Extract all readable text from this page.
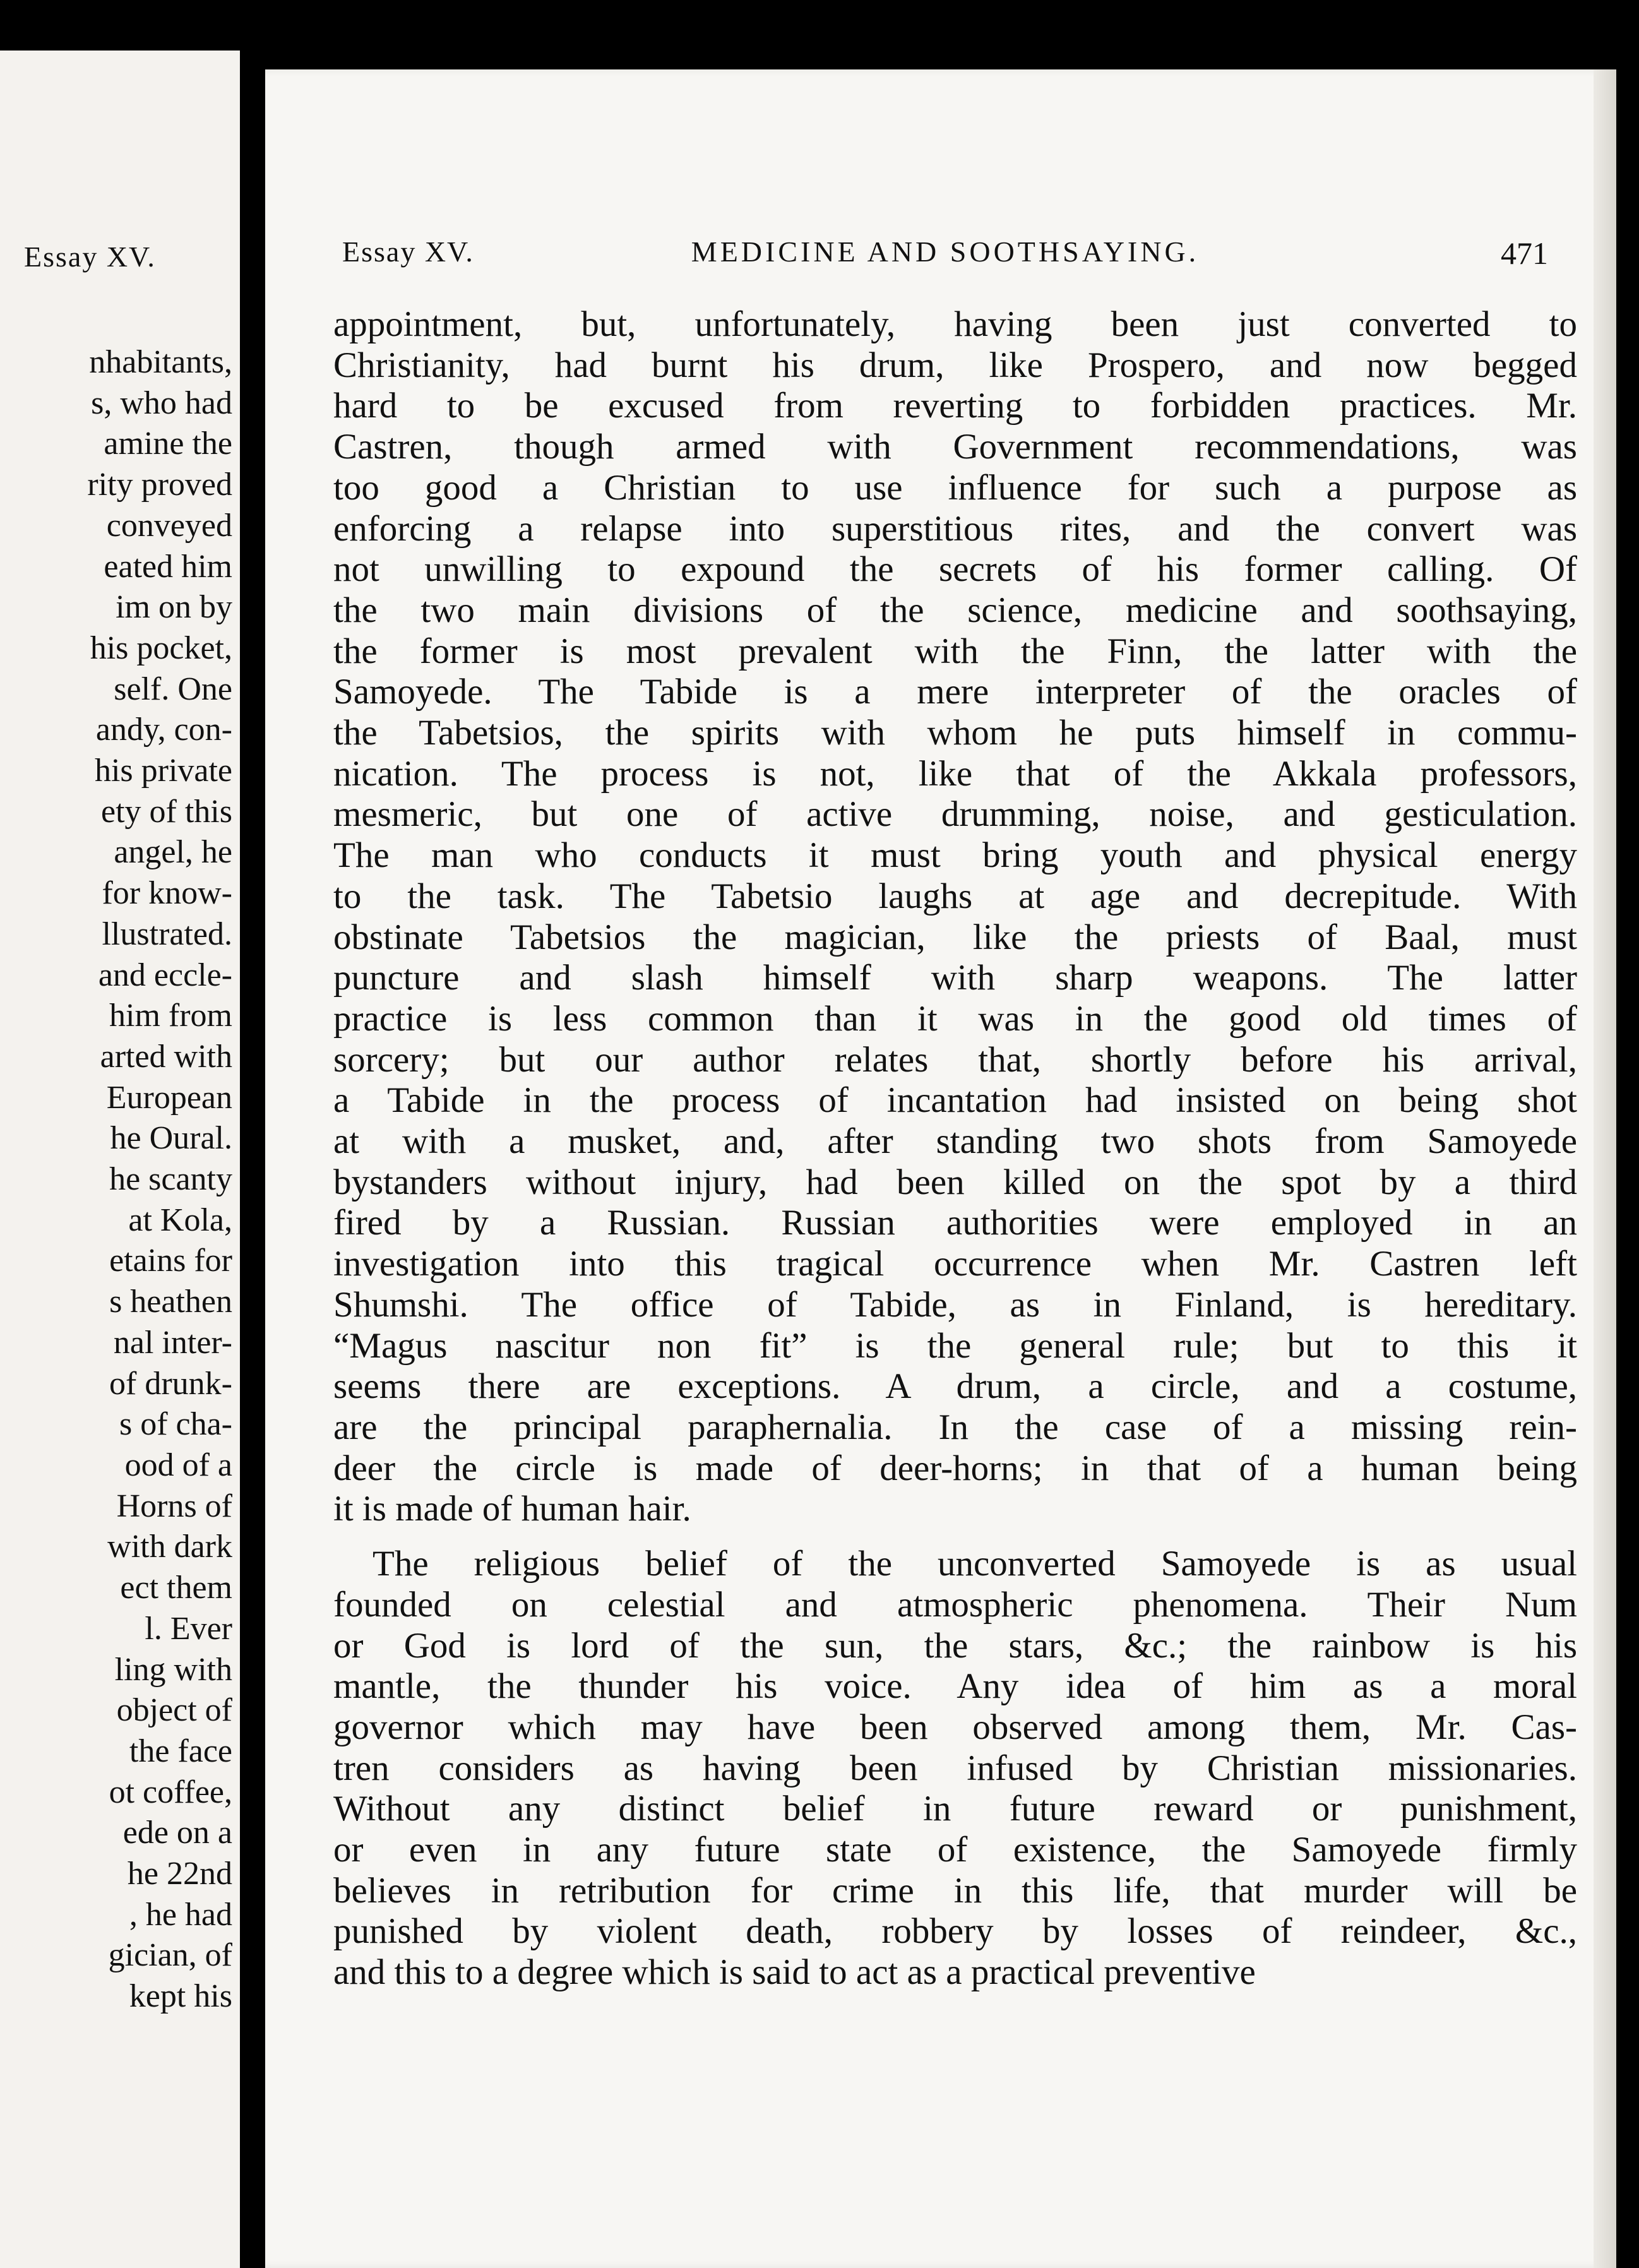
Essay XV.
nhabitants,
s, who had
amine the
rity proved
conveyed
eated him
im on by
his pocket,
self. One
andy, con-
his private
ety of this
angel, he
for know-
llustrated.
and eccle-
him from
arted with
European
he Oural.
he scanty
at Kola,
etains for
s heathen
nal inter-
of drunk-
s of cha-
ood of a
Horns of
with dark
ect them
l. Ever
ling with
object of
the face
ot coffee,
ede on a
he 22nd
, he had
gician, of
kept his
Essay XV.	MEDICINE AND SOOTHSAYING.	471
appointment, but, unfortunately, having been just converted to
Christianity, had burnt his drum, like Prospero, and now begged
hard to be excused from reverting to forbidden practices. Mr.
Castren, though armed with Government recommendations, was
too good a Christian to use influence for such a purpose as
enforcing a relapse into superstitious rites, and the convert was
not unwilling to expound the secrets of his former calling. Of
the two main divisions of the science, medicine and soothsaying,
the former is most prevalent with the Finn, the latter with the
Samoyede. The Tabide is a mere interpreter of the oracles of
the Tabetsios, the spirits with whom he puts himself in commu-
nication. The process is not, like that of the Akkala professors,
mesmeric, but one of active drumming, noise, and gesticulation.
The man who conducts it must bring youth and physical energy
to the task. The Tabetsio laughs at age and decrepitude. With
obstinate Tabetsios the magician, like the priests of Baal, must
puncture and slash himself with sharp weapons. The latter
practice is less common than it was in the good old times of
sorcery; but our author relates that, shortly before his arrival,
a Tabide in the process of incantation had insisted on being shot
at with a musket, and, after standing two shots from Samoyede
bystanders without injury, had been killed on the spot by a third
fired by a Russian. Russian authorities were employed in an
investigation into this tragical occurrence when Mr. Castren left
Shumshi. The office of Tabide, as in Finland, is hereditary.
“Magus nascitur non fit” is the general rule; but to this it
seems there are exceptions. A drum, a circle, and a costume,
are the principal paraphernalia. In the case of a missing rein-
deer the circle is made of deer-horns; in that of a human being
it is made of human hair.
The religious belief of the unconverted Samoyede is as usual
founded on celestial and atmospheric phenomena. Their Num
or God is lord of the sun, the stars, &c.; the rainbow is his
mantle, the thunder his voice. Any idea of him as a moral
governor which may have been observed among them, Mr. Cas-
tren considers as having been infused by Christian missionaries.
Without any distinct belief in future reward or punishment,
or even in any future state of existence, the Samoyede firmly
believes in retribution for crime in this life, that murder will be
punished by violent death, robbery by losses of reindeer, &c.,
and this to a degree which is said to act as a practical preventive
